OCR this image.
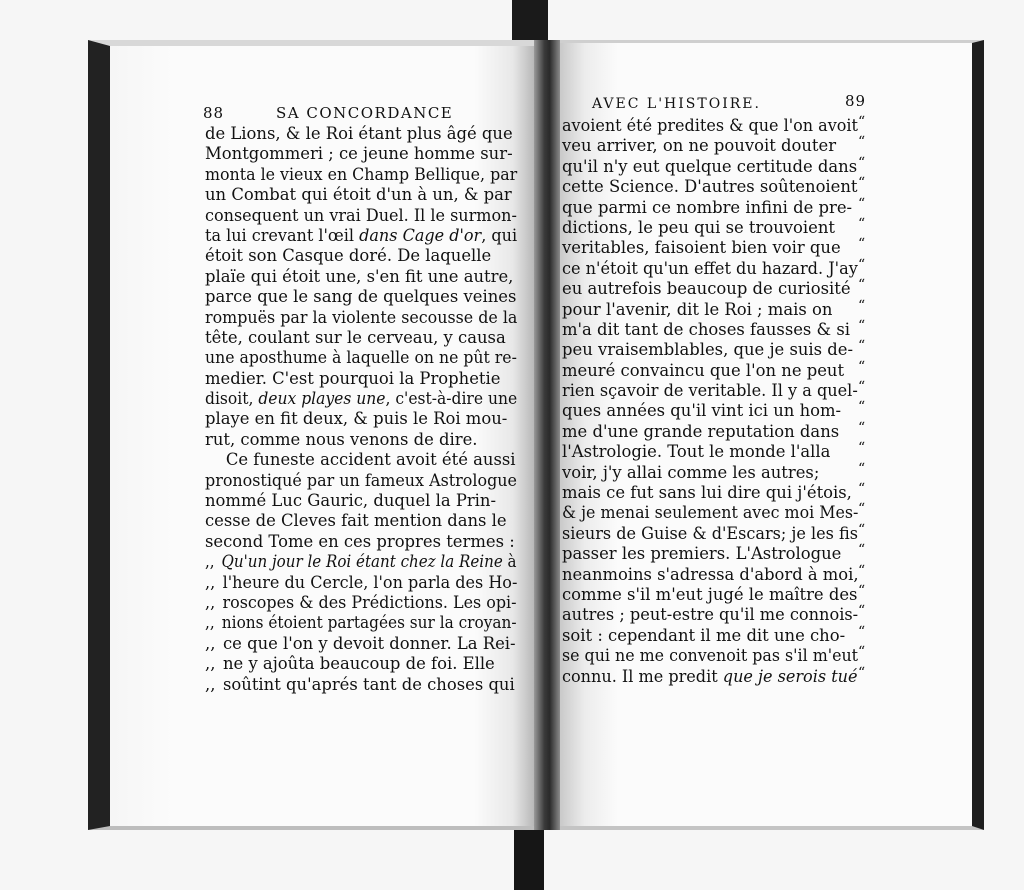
88	SA CONCORDANCE	AVEC L'HISTOIRE.	89
de Lions, & le Roi étant plus âgé que
Montgommeri ; ce jeune homme sur-
monta le vieux en Champ Bellique, par
un Combat qui étoit d'un à un, & par
consequent un vrai Duel. Il le surmon-
ta lui crevant l'œil dans Cage d'or, qui
étoit son Casque doré. De laquelle
plaïe qui étoit une, s'en fit une autre,
parce que le sang de quelques veines
rompuës par la violente secousse de la
tête, coulant sur le cerveau, y causa
une aposthume à laquelle on ne pût re-
medier. C'est pourquoi la Prophetie
disoit, deux playes une, c'est-à-dire une
playe en fit deux, & puis le Roi mou-
rut, comme nous venons de dire.
Ce funeste accident avoit été aussi
pronostiqué par un fameux Astrologue
nommé Luc Gauric, duquel la Prin-
cesse de Cleves fait mention dans le
second Tome en ces propres termes :
,, Qu'un jour le Roi étant chez la Reine à
,, l'heure du Cercle, l'on parla des Ho-
,, roscopes & des Prédictions. Les opi-
,, nions étoient partagées sur la croyan-
,, ce que l'on y devoit donner. La Rei-
,, ne y ajoûta beaucoup de foi. Elle
,, soûtint qu'aprés tant de choses qui
avoient été predites & que l'on avoit
veu arriver, on ne pouvoit douter
qu'il n'y eut quelque certitude dans
cette Science. D'autres soûtenoient
que parmi ce nombre infini de pre-
dictions, le peu qui se trouvoient
veritables, faisoient bien voir que
ce n'étoit qu'un effet du hazard. J'ay
eu autrefois beaucoup de curiosité
pour l'avenir, dit le Roi ; mais on
m'a dit tant de choses fausses & si
peu vraisemblables, que je suis de-
meuré convaincu que l'on ne peut
rien sçavoir de veritable. Il y a quel-
ques années qu'il vint ici un hom-
me d'une grande reputation dans
l'Astrologie. Tout le monde l'alla
voir, j'y allai comme les autres;
mais ce fut sans lui dire qui j'étois,
& je menai seulement avec moi Mes-
sieurs de Guise & d'Escars; je les fis
passer les premiers. L'Astrologue
neanmoins s'adressa d'abord à moi,
comme s'il m'eut jugé le maître des
autres ; peut-estre qu'il me connois-
soit : cependant il me dit une cho-
se qui ne me convenoit pas s'il m'eut
connu. Il me predit que je serois tué
“
“
“
“
“
“
“
“
“
“
“
“
“
“
“
“
“
“
“
“
“
“
“
“
“
“
“
“
